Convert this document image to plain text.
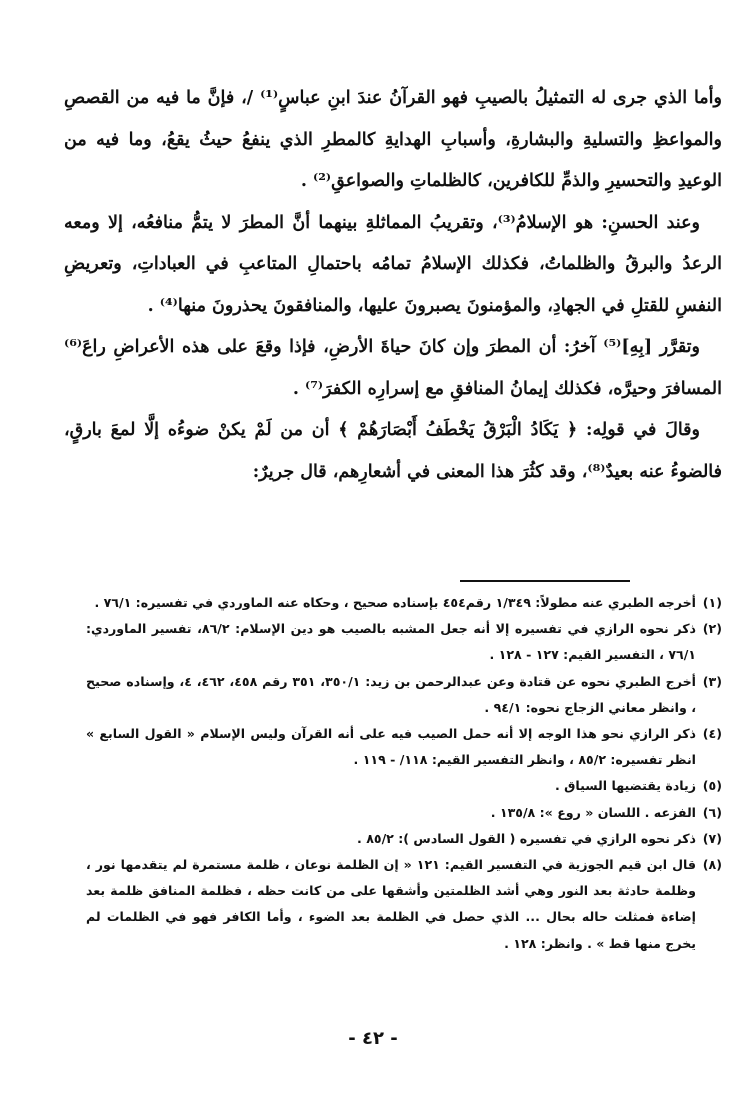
وأما الذي جرى له التمثيلُ بالصيبِ فهو القرآنُ عندَ ابنِ عباسٍ⁽¹⁾ /، فإنَّ ما فيه من القصصِ والمواعظِ والتسليةِ والبشارةِ، وأسبابِ الهدايةِ كالمطرِ الذي ينفعُ حيثُ يقعُ، وما فيه من الوعيدِ والتحسيرِ والذمِّ للكافرين، كالظلماتِ والصواعقِ⁽²⁾ .

وعند الحسنِ: هو الإسلامُ⁽³⁾، وتقريبُ المماثلةِ بينهما أنَّ المطرَ لا يتمُّ منافعُه، إلا ومعه الرعدُ والبرقُ والظلماتُ، فكذلك الإسلامُ تمامُه باحتمالِ المتاعبِ في العباداتِ، وتعريضِ النفسِ للقتلِ في الجهادِ، والمؤمنونَ يصبرونَ عليها، والمنافقونَ يحذرونَ منها⁽⁴⁾ .

وتقرَّر [بِهِ]⁽⁵⁾ آخرُ: أن المطرَ وإن كانَ حياةَ الأرضِ، فإذا وقعَ على هذه الأعراضِ راعَ⁽⁶⁾ المسافرَ وحيرَّه، فكذلك إيمانُ المنافقِ مع إسرارِه الكفرَ⁽⁷⁾ .

وقالَ في قولِه: ﴿ يَكَادُ الْبَرْقُ يَخْطَفُ أَبْصَارَهُمْ ﴾ أن من لَمْ يكنْ ضوءُه إلَّا لمعَ بارقٍ، فالضوءُ عنه بعيدٌ⁽⁸⁾، وقد كثُرَ هذا المعنى في أشعارِهم، قال جريرٌ:

(١)
أخرجه الطبري عنه مطولاً: ١/٣٤٩ رقم٤٥٤ بإسناده صحيح ، وحكاه عنه الماوردي في تفسيره: ٧٦/١ .

(٢)
ذكر نحوه الرازي في تفسيره إلا أنه جعل المشبه بالصيب هو دين الإسلام: ٨٦/٢، تفسير الماوردي: ٧٦/١ ، التفسير القيم: ١٢٧ - ١٢٨ .

(٣)
أخرج الطبري نحوه عن قتادة وعن عبدالرحمن بن زيد: ٣٥٠/١، ٣٥١ رقم ٤٥٨، ٤٦٢، ٤، وإسناده صحيح ، وانظر معاني الزجاج نحوه: ٩٤/١ .

(٤)
ذكر الرازي نحو هذا الوجه إلا أنه حمل الصيب فيه على أنه القرآن وليس الإسلام « القول السابع » انظر تفسيره: ٨٥/٢ ، وانظر التفسير القيم: ١١٨/ - ١١٩ .

(٥)
زيادة يقتضيها السياق .

(٦)
الفزعه . اللسان « روع »: ١٣٥/٨ .

(٧)
ذكر نحوه الرازي في تفسيره ( القول السادس ): ٨٥/٢ .

(٨)
قال ابن قيم الجوزية في التفسير القيم: ١٢١ « إن الظلمة نوعان ، ظلمة مستمرة لم يتقدمها نور ، وظلمة حادثة بعد النور وهي أشد الظلمتين وأشقها على من كانت حظه ، فظلمة المنافق ظلمة بعد إضاءة فمثلت حاله بحال ... الذي حصل في الظلمة بعد الضوء ، وأما الكافر فهو في الظلمات لم يخرج منها قط » . وانظر: ١٢٨ .

- ٤٢ -
